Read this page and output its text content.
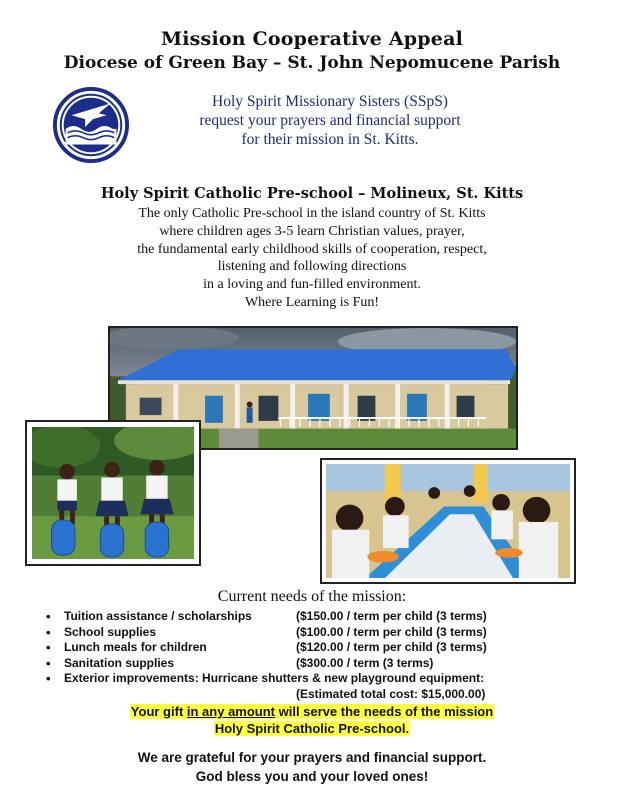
Mission Cooperative Appeal
Diocese of Green Bay – St. John Nepomucene Parish
Holy Spirit Missionary Sisters (SSpS)
request your prayers and financial support
for their mission in St. Kitts.
Holy Spirit Catholic Pre-school – Molineux, St. Kitts
The only Catholic Pre-school in the island country of St. Kitts
where children ages 3-5 learn Christian values, prayer,
the fundamental early childhood skills of cooperation, respect,
listening and following directions
in a loving and fun-filled environment.
Where Learning is Fun!
Current needs of the mission:
• Tuition assistance / scholarships	($150.00 / term per child (3 terms)
• School supplies	($100.00 / term per child (3 terms)
• Lunch meals for children	($120.00 / term per child (3 terms)
• Sanitation supplies	($300.00 / term (3 terms)
• Exterior improvements: Hurricane shutters & new playground equipment:
(Estimated total cost: $15,000.00)
Your gift in any amount will serve the needs of the mission
Holy Spirit Catholic Pre-school.
We are grateful for your prayers and financial support.
God bless you and your loved ones!
